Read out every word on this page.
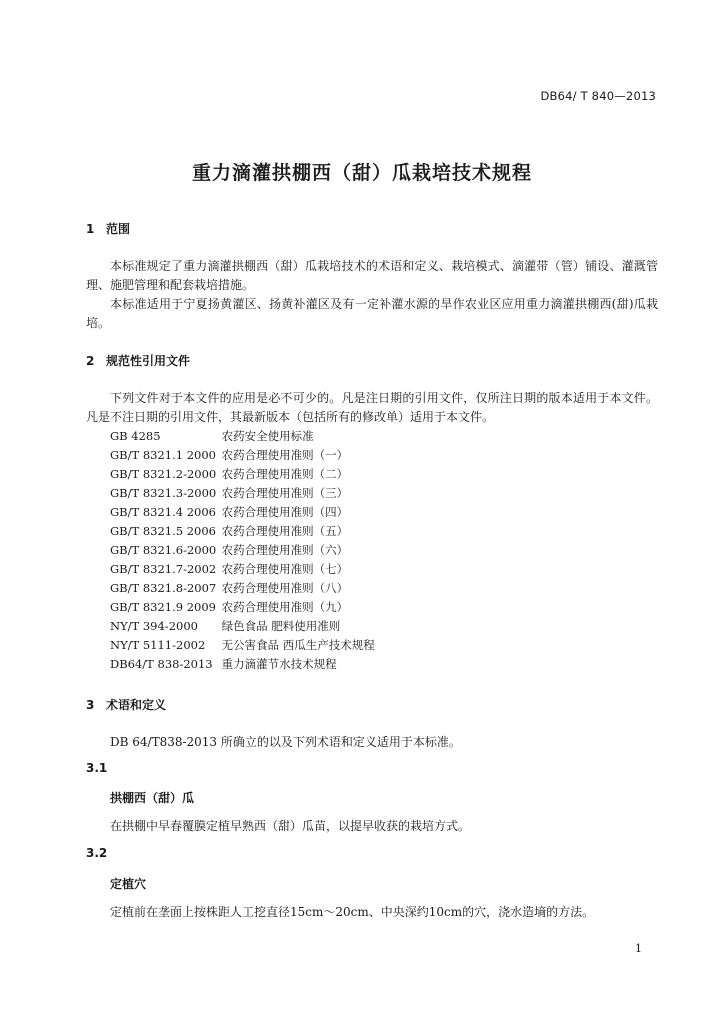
DB64/ T 840—2013
重力滴灌拱棚西（甜）瓜栽培技术规程
1 范围
本标准规定了重力滴灌拱棚西（甜）瓜栽培技术的术语和定义、栽培模式、滴灌带（管）铺设、灌溉管理、施肥管理和配套栽培措施。
本标准适用于宁夏扬黄灌区、扬黄补灌区及有一定补灌水源的旱作农业区应用重力滴灌拱棚西(甜)瓜栽培。
2 规范性引用文件
下列文件对于本文件的应用是必不可少的。凡是注日期的引用文件，仅所注日期的版本适用于本文件。凡是不注日期的引用文件，其最新版本（包括所有的修改单）适用于本文件。
GB 4285	农药安全使用标准
GB/T 8321.1 2000 农药合理使用准则（一）
GB/T 8321.2-2000 农药合理使用准则（二）
GB/T 8321.3-2000 农药合理使用准则（三）
GB/T 8321.4 2006 农药合理使用准则（四）
GB/T 8321.5 2006 农药合理使用准则（五）
GB/T 8321.6-2000 农药合理使用准则（六）
GB/T 8321.7-2002 农药合理使用准则（七）
GB/T 8321.8-2007 农药合理使用准则（八）
GB/T 8321.9 2009 农药合理使用准则（九）
NY/T 394-2000 绿色食品 肥料使用准则
NY/T 5111-2002 无公害食品 西瓜生产技术规程
DB64/T 838-2013 重力滴灌节水技术规程
3 术语和定义
DB 64/T838-2013 所确立的以及下列术语和定义适用于本标准。
3.1
拱棚西（甜）瓜
在拱棚中早春覆膜定植早熟西（甜）瓜苗，以提早收获的栽培方式。
3.2
定植穴
定植前在垄面上按株距人工挖直径15cm～20cm、中央深约10cm的穴，浇水造墒的方法。
1
